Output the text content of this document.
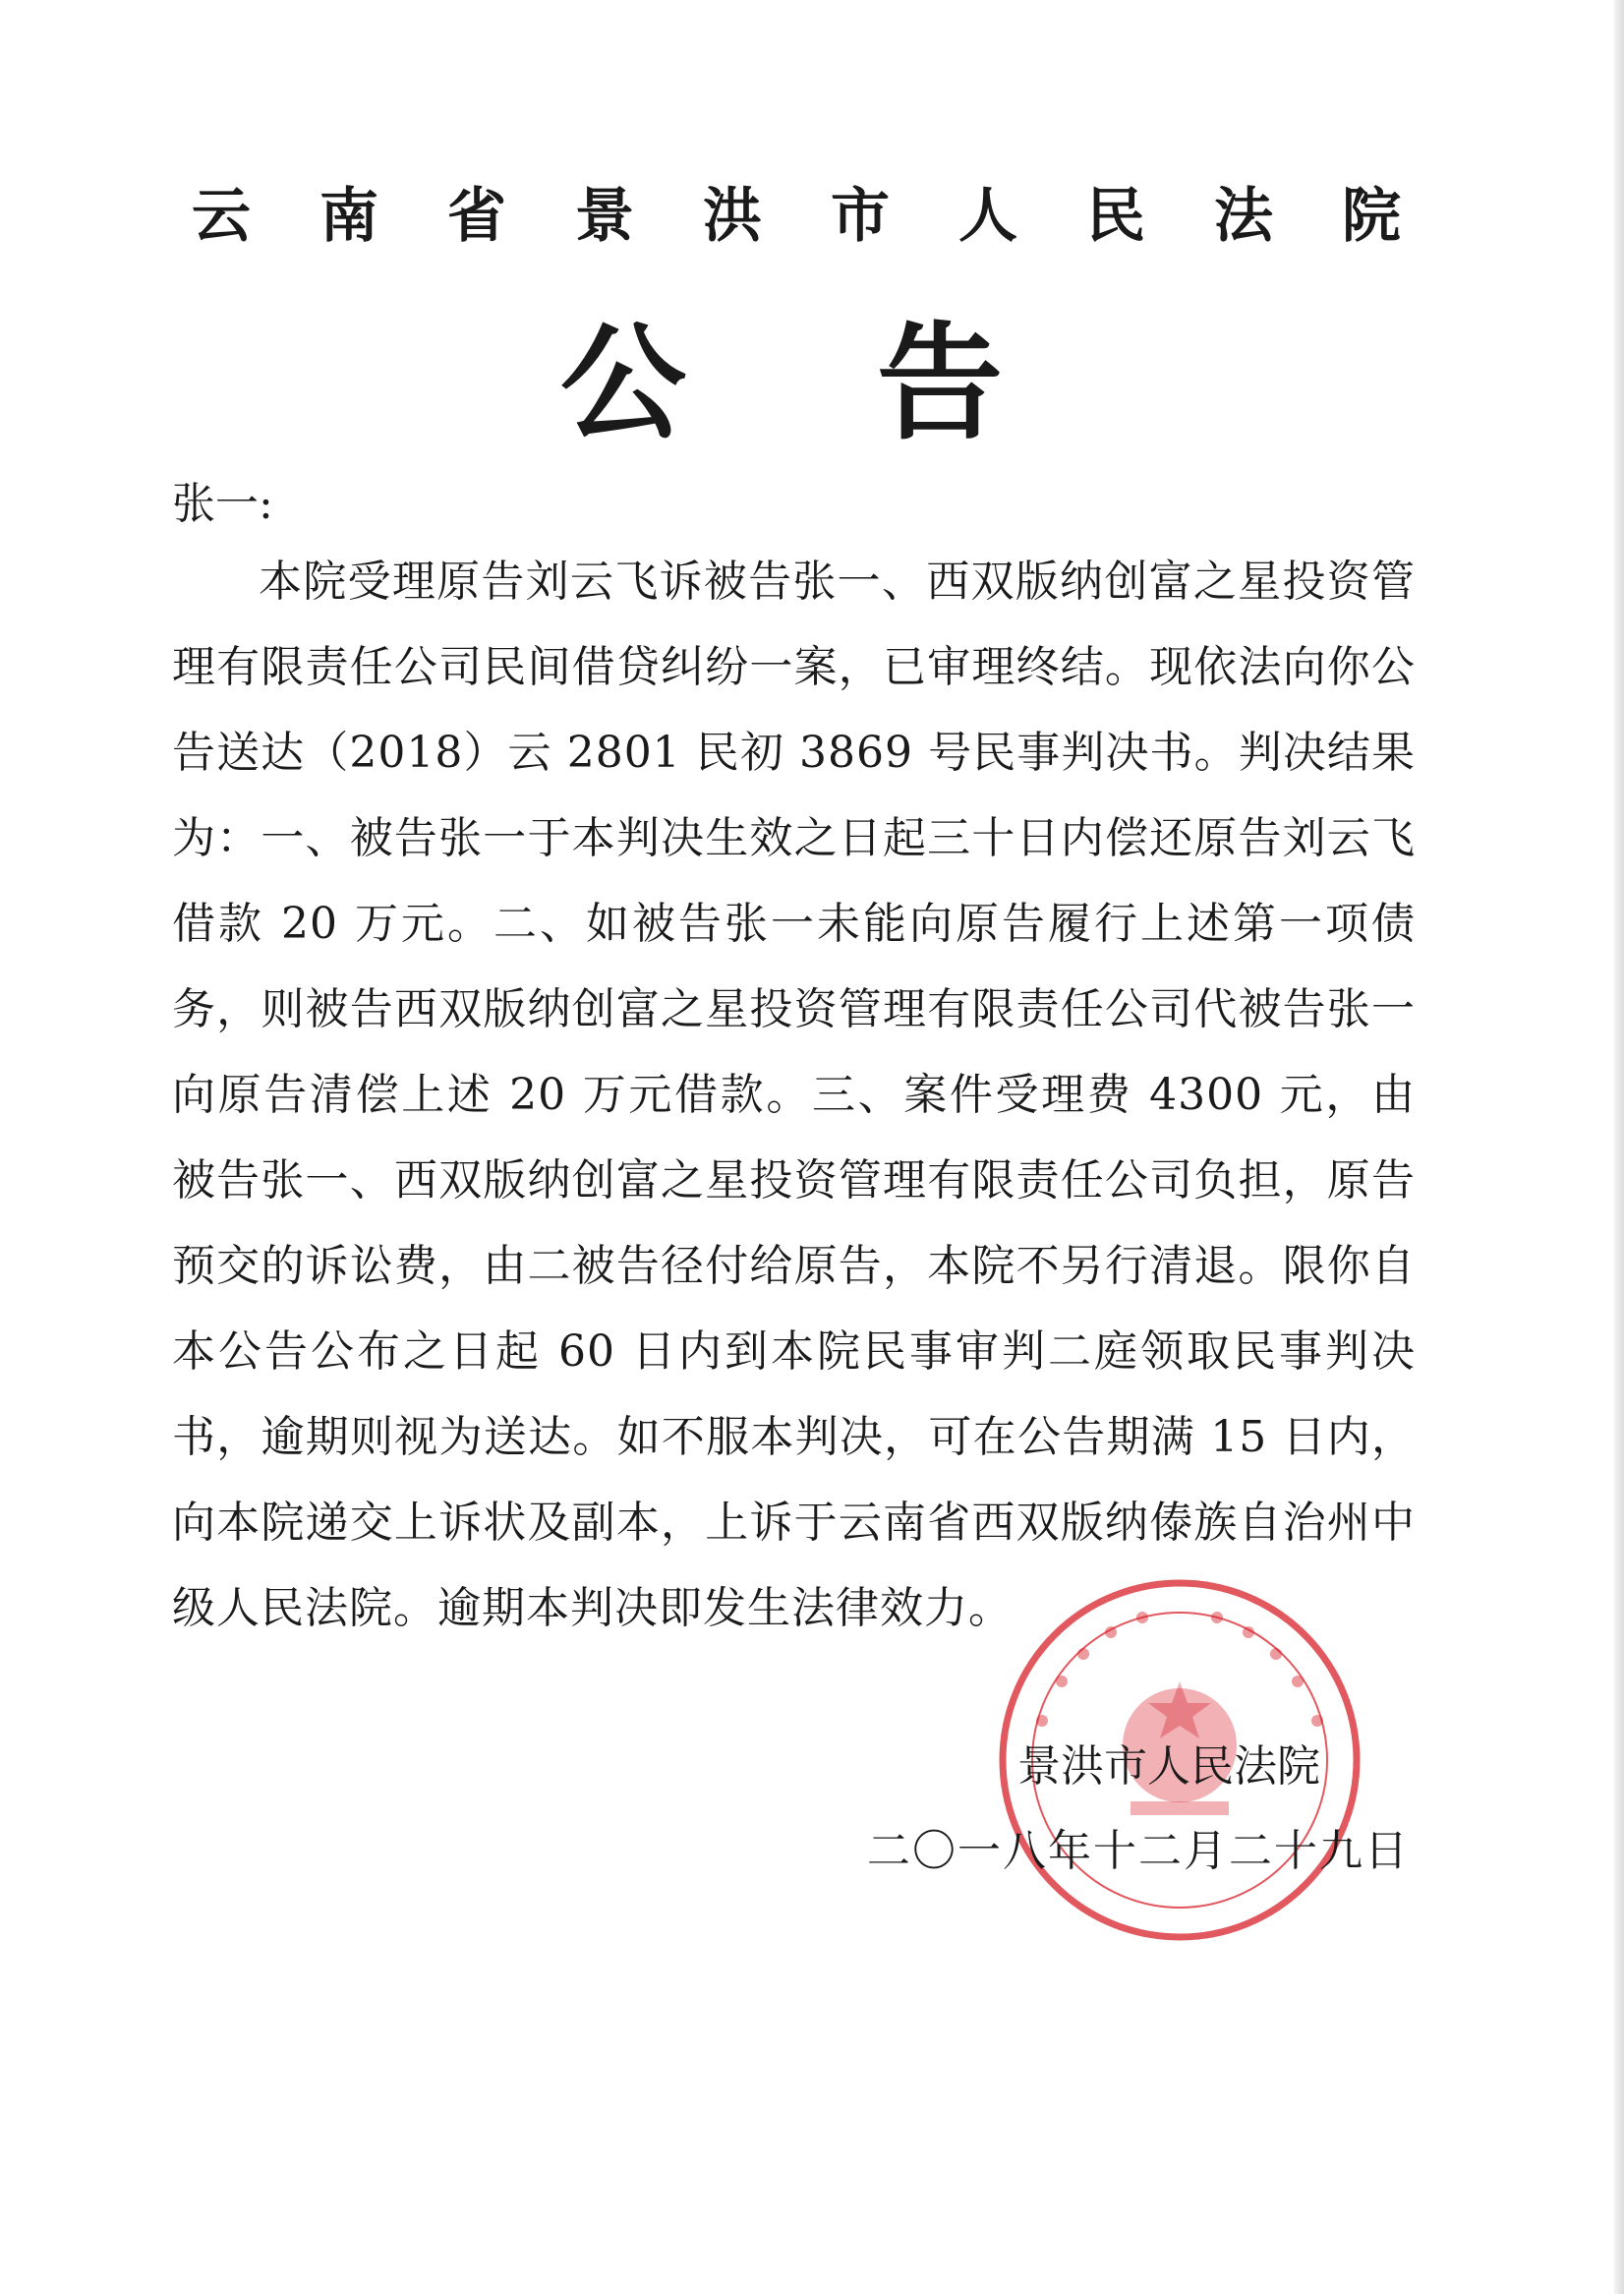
云 南 省 景 洪 市 人 民 法 院
公 告
张一:
本院受理原告刘云飞诉被告张一、西双版纳创富之星投资管理有限责任公司民间借贷纠纷一案，已审理终结。现依法向你公告送达（2018）云 2801 民初 3869 号民事判决书。判决结果为：一、被告张一于本判决生效之日起三十日内偿还原告刘云飞借款 20 万元。二、如被告张一未能向原告履行上述第一项债务，则被告西双版纳创富之星投资管理有限责任公司代被告张一向原告清偿上述 20 万元借款。三、案件受理费 4300 元，由被告张一、西双版纳创富之星投资管理有限责任公司负担，原告预交的诉讼费，由二被告径付给原告，本院不另行清退。限你自本公告公布之日起 60 日内到本院民事审判二庭领取民事判决书，逾期则视为送达。如不服本判决，可在公告期满 15 日内，向本院递交上诉状及副本，上诉于云南省西双版纳傣族自治州中级人民法院。逾期本判决即发生法律效力。
景洪市人民法院
二〇一八年十二月二十九日
